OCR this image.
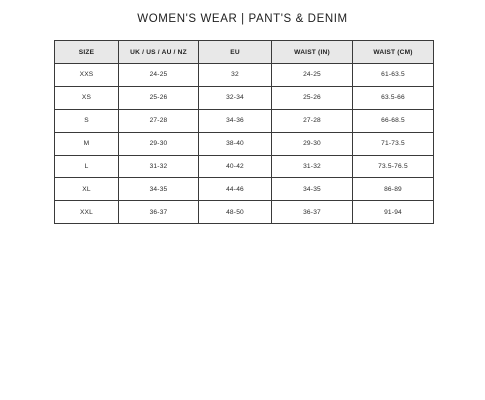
WOMEN'S WEAR | PANT'S & DENIM
SIZE	UK / US / AU / NZ	EU	WAIST (IN)	WAIST (CM)
XXS	24-25	32	24-25	61-63.5
XS	25-26	32-34	25-26	63.5-66
S	27-28	34-36	27-28	66-68.5
M	29-30	38-40	29-30	71-73.5
L	31-32	40-42	31-32	73.5-76.5
XL	34-35	44-46	34-35	86-89
XXL	36-37	48-50	36-37	91-94
